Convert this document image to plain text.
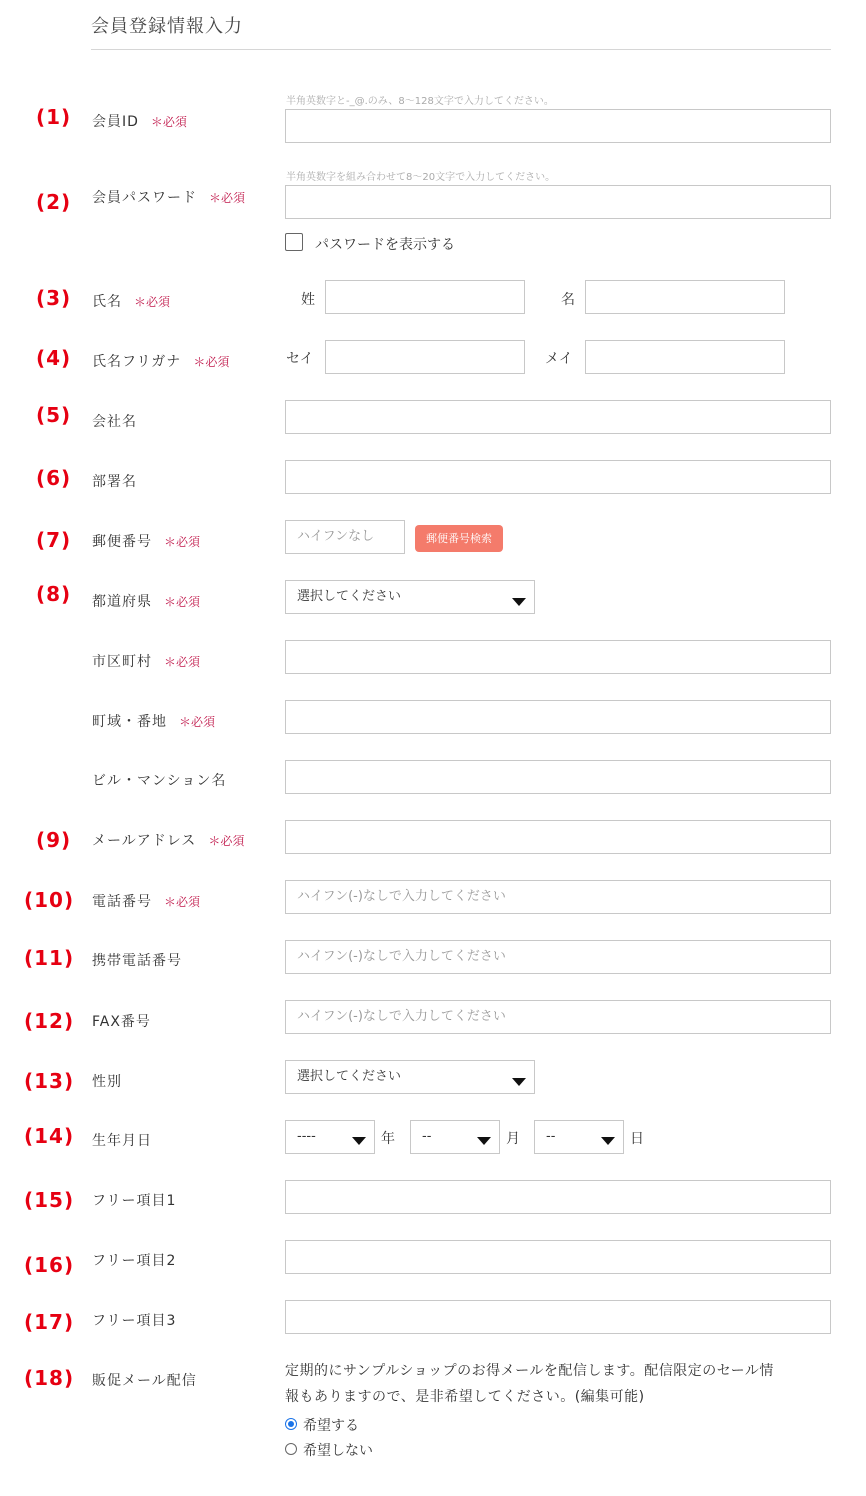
会員登録情報入力
(1) 会員ID ＊必須
半角英数字と-_@.のみ、8〜128文字で入力してください。
(2) 会員パスワード ＊必須
半角英数字を組み合わせて8〜20文字で入力してください。
パスワードを表示する
(3) 氏名 ＊必須	姓	名
(4) 氏名フリガナ ＊必須	セイ	メイ
(5) 会社名
(6) 部署名
(7) 郵便番号 ＊必須	ハイフンなし	郵便番号検索
(8) 都道府県 ＊必須	選択してください
市区町村 ＊必須
町域・番地 ＊必須
ビル・マンション名
(9) メールアドレス ＊必須
(10) 電話番号 ＊必須	ハイフン(-)なしで入力してください
(11) 携帯電話番号	ハイフン(-)なしで入力してください
(12) FAX番号	ハイフン(-)なしで入力してください
(13) 性別	選択してください
(14) 生年月日	----	年	--	月	--	日
(15) フリー項目1
(16) フリー項目2
(17) フリー項目3
(18) 販促メール配信
定期的にサンプルショップのお得メールを配信します。配信限定のセール情
報もありますので、是非希望してください。(編集可能)
希望する
希望しない
